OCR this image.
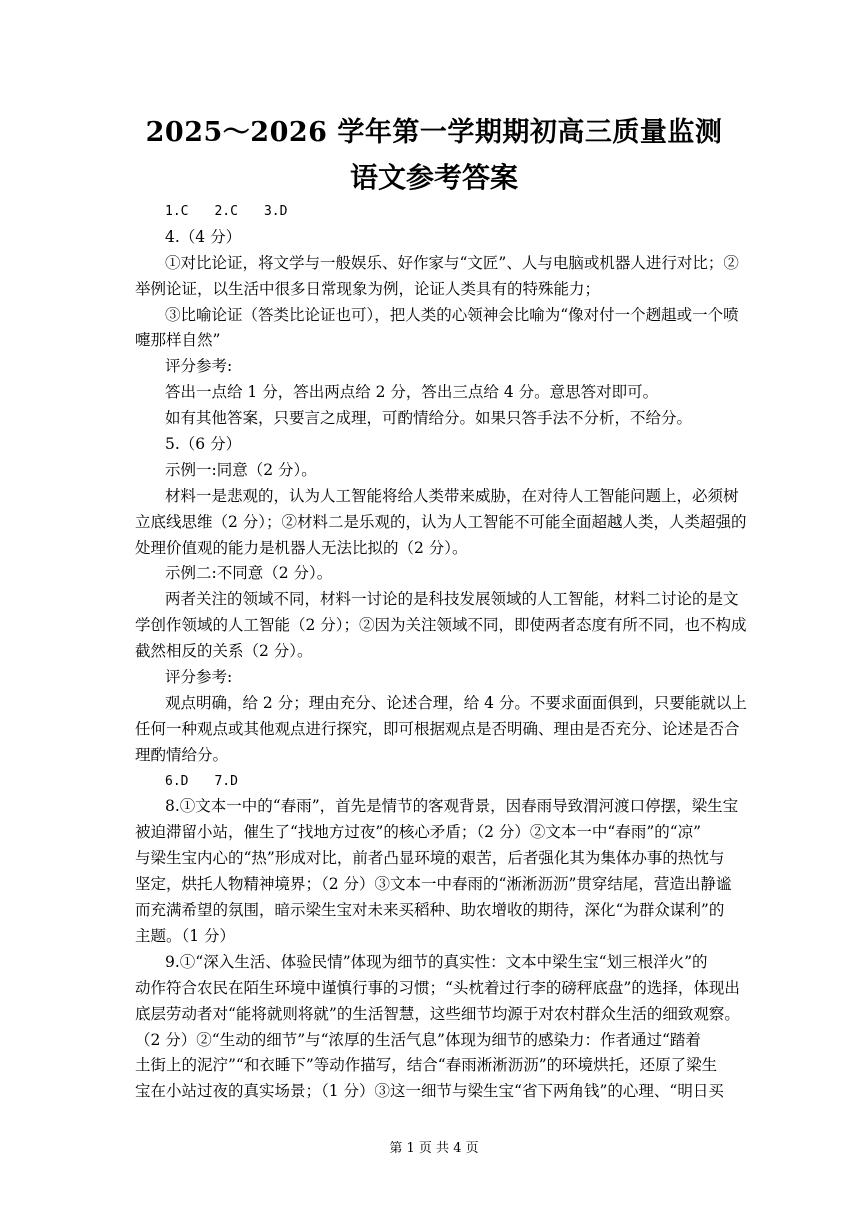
2025～2026 学年第一学期期初高三质量监测
语文参考答案
1.C　　2.C　　3.D
4.（4 分）
①对比论证，将文学与一般娱乐、好作家与“文匠”、人与电脑或机器人进行对比；②
举例论证，以生活中很多日常现象为例，论证人类具有的特殊能力；
③比喻论证（答类比论证也可），把人类的心领神会比喻为“像对付一个趔趄或一个喷
嚏那样自然”
评分参考:
答出一点给 1 分，答出两点给 2 分，答出三点给 4 分。意思答对即可。
如有其他答案，只要言之成理，可酌情给分。如果只答手法不分析，不给分。
5.（6 分）
示例一:同意（2 分）。
材料一是悲观的，认为人工智能将给人类带来威胁，在对待人工智能问题上，必须树
立底线思维（2 分）；②材料二是乐观的，认为人工智能不可能全面超越人类，人类超强的
处理价值观的能力是机器人无法比拟的（2 分）。
示例二:不同意（2 分）。
两者关注的领域不同，材料一讨论的是科技发展领域的人工智能，材料二讨论的是文
学创作领域的人工智能（2 分）；②因为关注领域不同，即使两者态度有所不同，也不构成
截然相反的关系（2 分）。
评分参考:
观点明确，给 2 分；理由充分、论述合理，给 4 分。不要求面面俱到，只要能就以上
任何一种观点或其他观点进行探究，即可根据观点是否明确、理由是否充分、论述是否合
理酌情给分。
6.D　　7.D
8.①文本一中的“春雨”，首先是情节的客观背景，因春雨导致渭河渡口停摆，梁生宝
被迫滞留小站，催生了“找地方过夜”的核心矛盾；（2 分）②文本一中“春雨”的“凉”
与梁生宝内心的“热”形成对比，前者凸显环境的艰苦，后者强化其为集体办事的热忱与
坚定，烘托人物精神境界；（2 分）③文本一中春雨的“淅淅沥沥”贯穿结尾，营造出静谧
而充满希望的氛围，暗示梁生宝对未来买稻种、助农增收的期待，深化“为群众谋利”的
主题。（1 分）
9.①“深入生活、体验民情”体现为细节的真实性：文本中梁生宝“划三根洋火”的
动作符合农民在陌生环境中谨慎行事的习惯；“头枕着过行李的磅秤底盘”的选择，体现出
底层劳动者对“能将就则将就”的生活智慧，这些细节均源于对农村群众生活的细致观察。
（2 分）②“生动的细节”与“浓厚的生活气息”体现为细节的感染力：作者通过“踏着
土街上的泥泞”“和衣睡下”等动作描写，结合“春雨淅淅沥沥”的环境烘托，还原了梁生
宝在小站过夜的真实场景；（1 分）③这一细节与梁生宝“省下两角钱”的心理、“明日买
第 1 页 共 4 页
